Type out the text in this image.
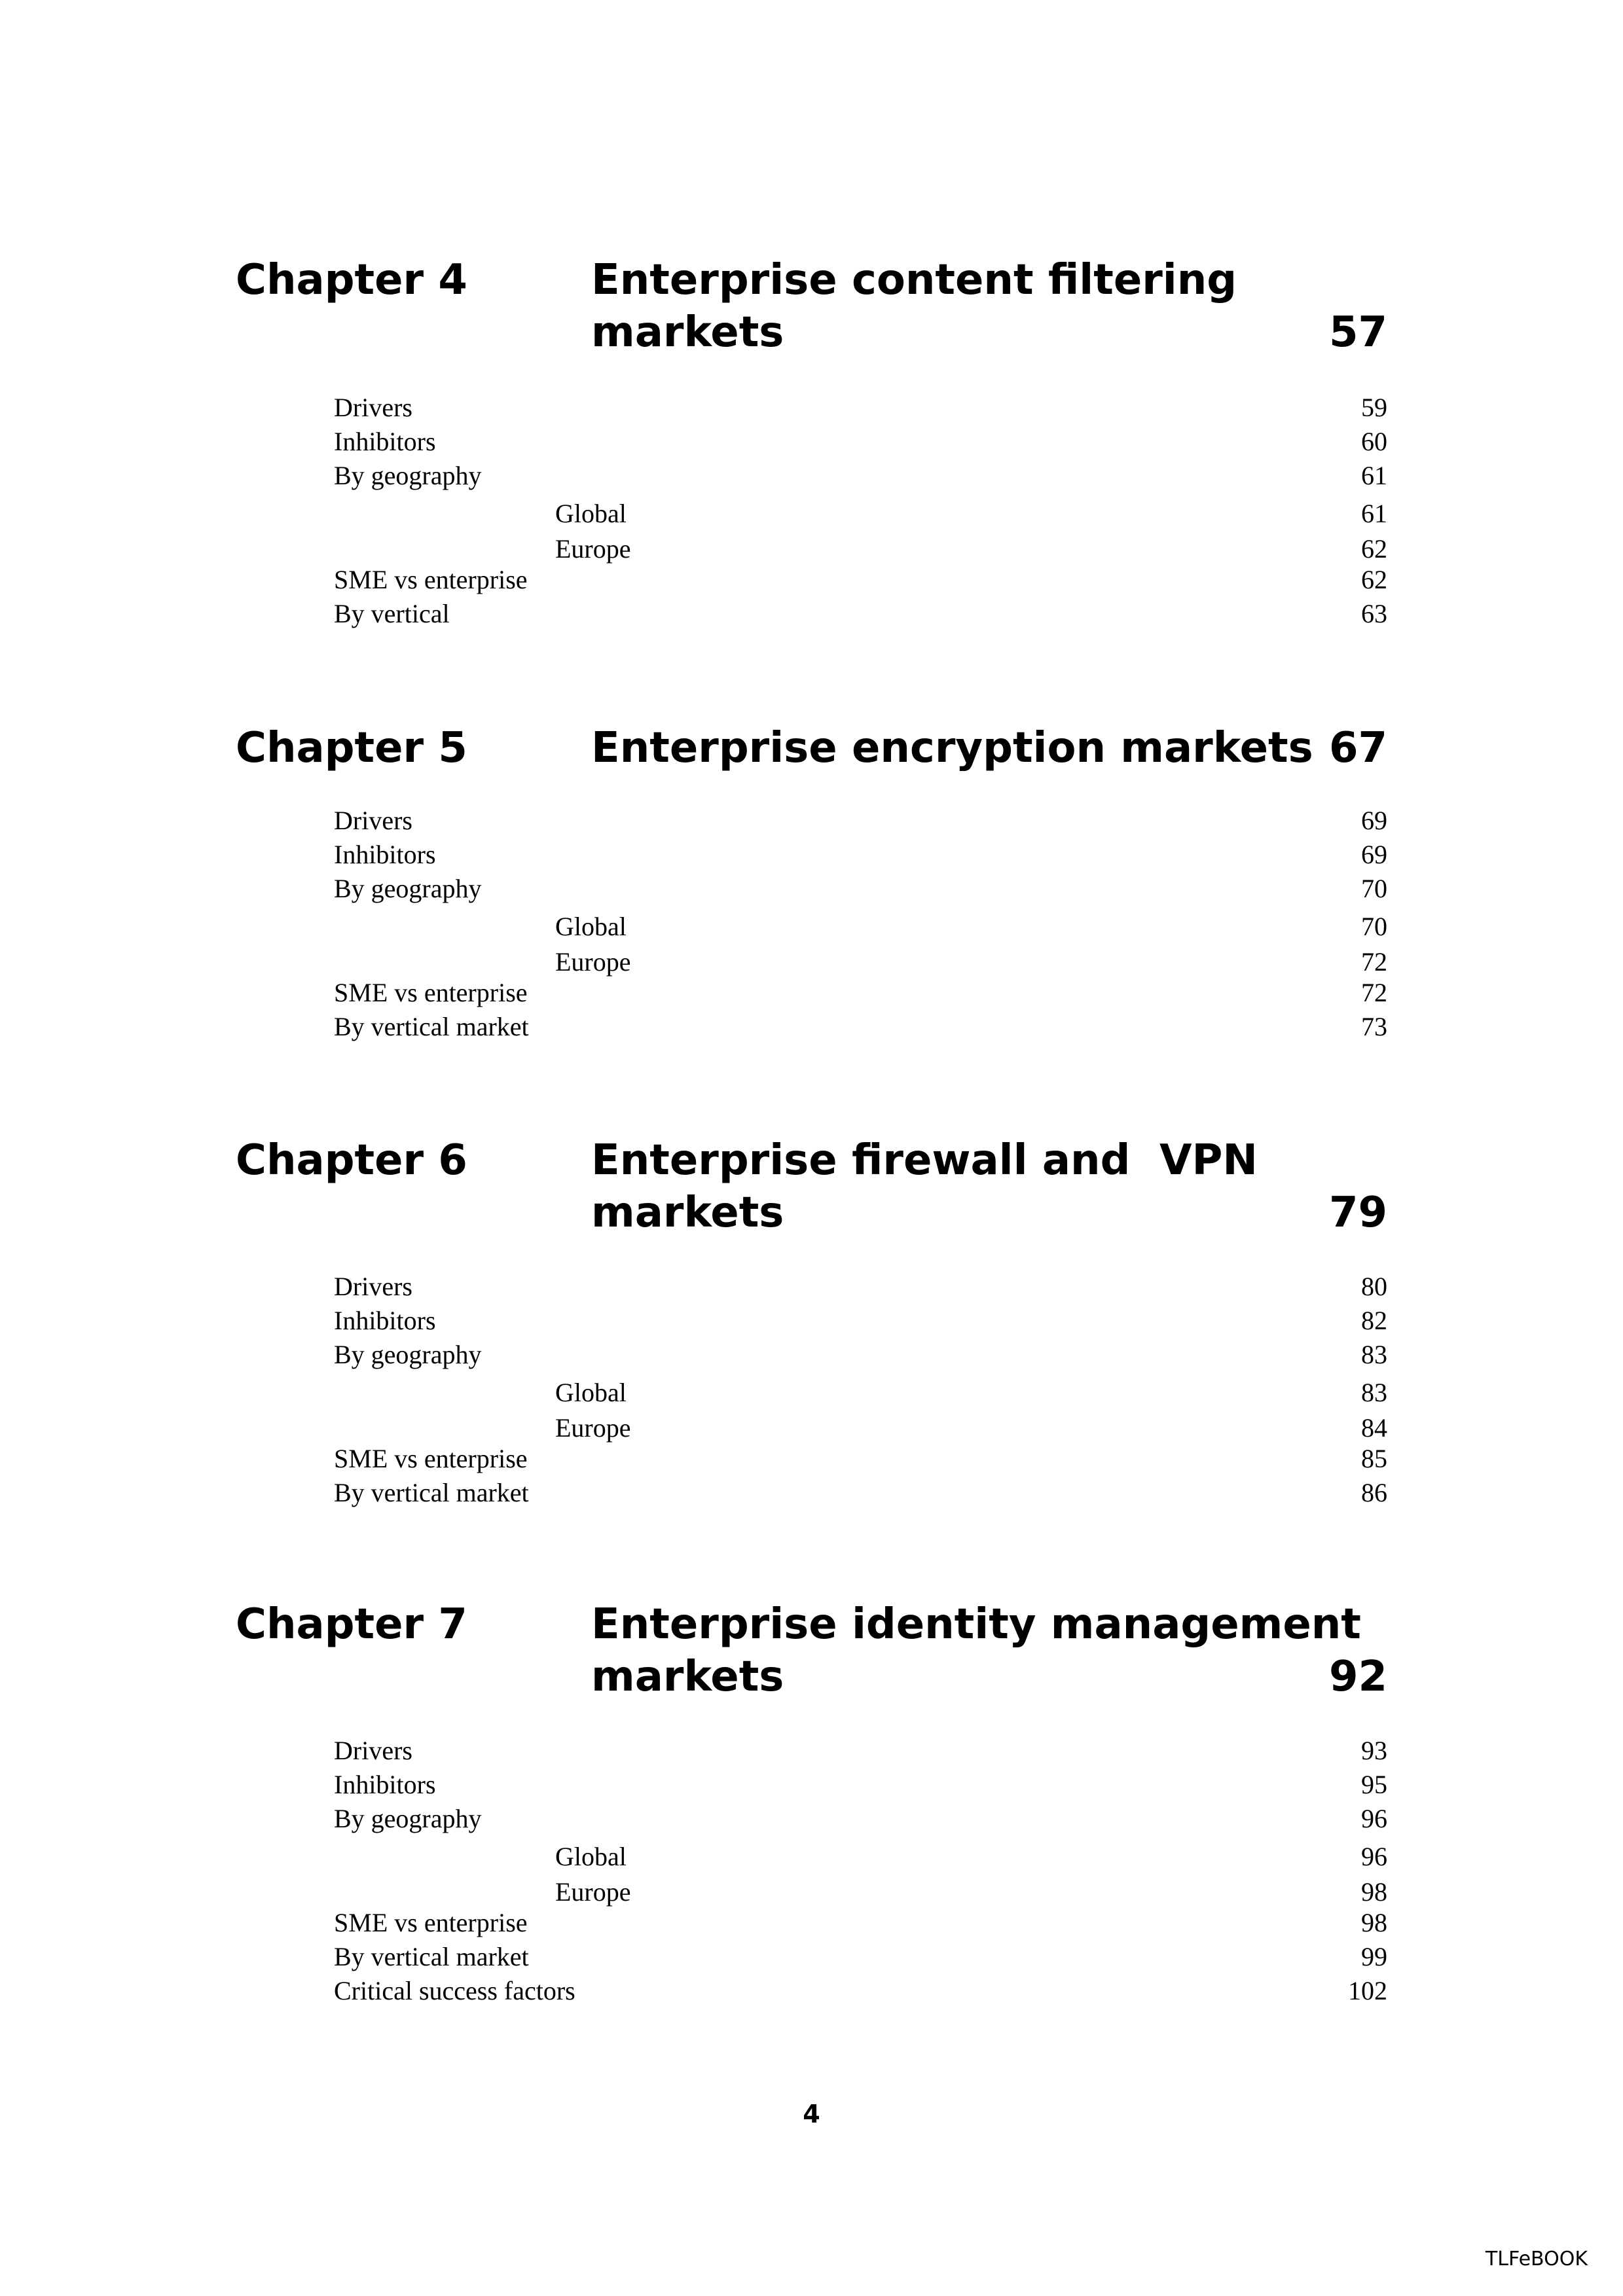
Chapter 4	Enterprise content filtering
markets	57
Drivers	59
Inhibitors	60
By geography	61
Global	61
Europe	62
SME vs enterprise	62
By vertical	63
Chapter 5	Enterprise encryption markets 67
Drivers	69
Inhibitors	69
By geography	70
Global	70
Europe	72
SME vs enterprise	72
By vertical market	73
Chapter 6	Enterprise firewall and  VPN
markets	79
Drivers	80
Inhibitors	82
By geography	83
Global	83
Europe	84
SME vs enterprise	85
By vertical market	86
Chapter 7	Enterprise identity management
markets	92
Drivers	93
Inhibitors	95
By geography	96
Global	96
Europe	98
SME vs enterprise	98
By vertical market	99
Critical success factors	102
4
TLFeBOOK
